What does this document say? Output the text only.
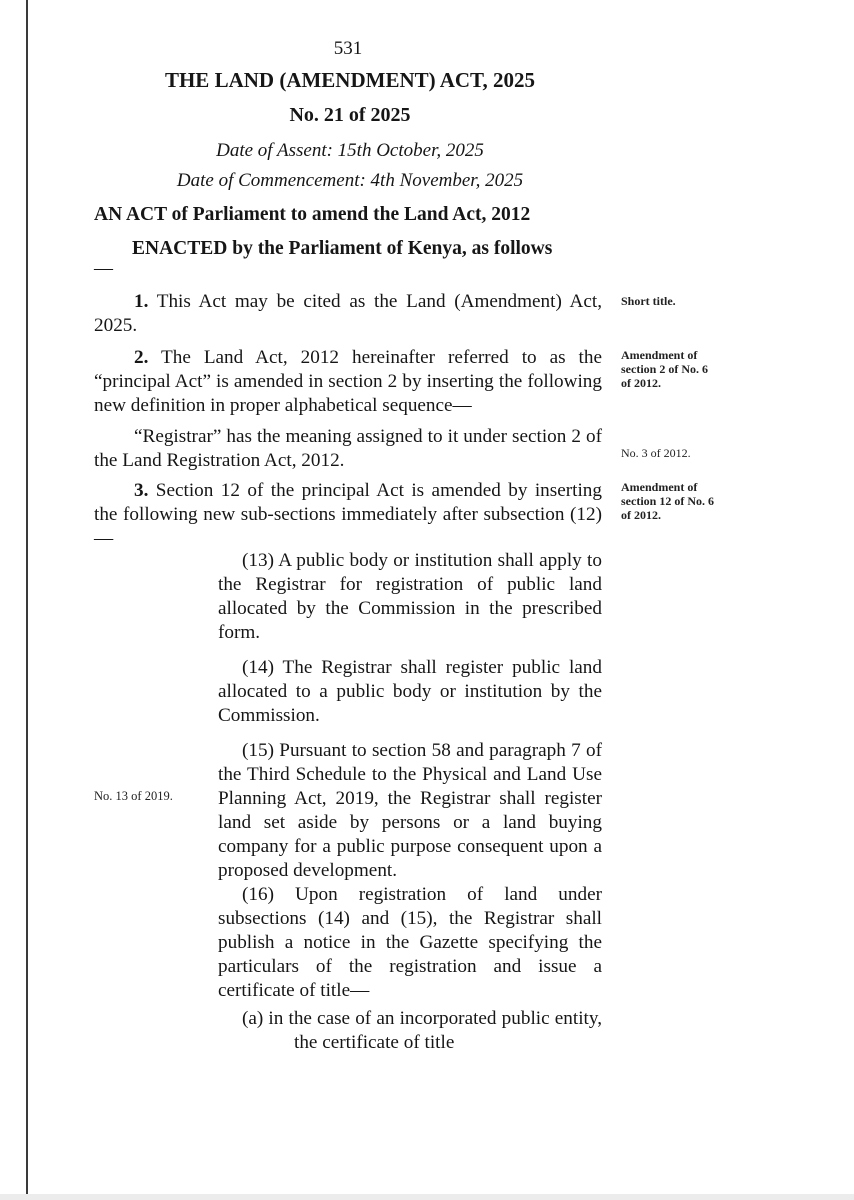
531
THE LAND (AMENDMENT) ACT, 2025
No. 21 of 2025
Date of Assent: 15th October, 2025
Date of Commencement: 4th November, 2025
AN ACT of Parliament to amend the Land Act, 2012
ENACTED by the Parliament of Kenya, as follows
—
1. This Act may be cited as the Land (Amendment) Act, 2025.
Short title.
2. The Land Act, 2012 hereinafter referred to as the “principal Act” is amended in section 2 by inserting the following new definition in proper alphabetical sequence—
Amendment of section 2 of No. 6 of 2012.
“Registrar” has the meaning assigned to it under section 2 of the Land Registration Act, 2012.	No. 3 of 2012.
3. Section 12 of the principal Act is amended by inserting the following new sub-sections immediately after subsection (12) —
Amendment of section 12 of No. 6 of 2012.
(13) A public body or institution shall apply to the Registrar for registration of public land allocated by the Commission in the prescribed form.
(14) The Registrar shall register public land allocated to a public body or institution by the Commission.
(15) Pursuant to section 58 and paragraph 7 of the Third Schedule to the Physical and Land Use Planning Act, 2019, the Registrar shall register land set aside by persons or a land buying company for a public purpose consequent upon a proposed development.
No. 13 of 2019.
(16) Upon registration of land under subsections (14) and (15), the Registrar shall publish a notice in the Gazette specifying the particulars of the registration and issue a certificate of title—
(a) in the case of an incorporated public entity, the certificate of title
